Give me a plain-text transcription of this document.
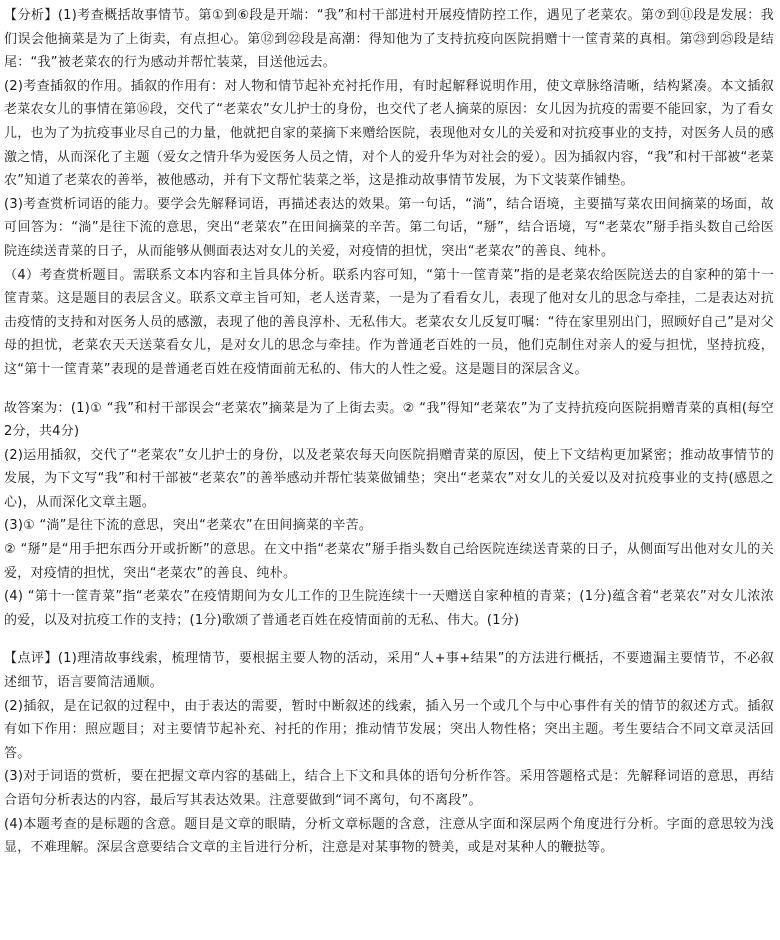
【分析】(1)考查概括故事情节。第①到⑥段是开端：“我”和村干部进村开展疫情防控工作，遇见了老菜农。第⑦到⑪段是发展：我们误会他摘菜是为了上街卖，有点担心。第⑫到㉒段是高潮：得知他为了支持抗疫向医院捐赠十一筐青菜的真相。第㉓到㉕段是结尾：“我”被老菜农的行为感动并帮忙装菜，目送他远去。

(2)考查插叙的作用。插叙的作用有：对人物和情节起补充衬托作用，有时起解释说明作用，使文章脉络清晰，结构紧凑。本文插叙老菜农女儿的事情在第⑯段，交代了“老菜农”女儿护士的身份，也交代了老人摘菜的原因：女儿因为抗疫的需要不能回家，为了看女儿，也为了为抗疫事业尽自己的力量，他就把自家的菜摘下来赠给医院，表现他对女儿的关爱和对抗疫事业的支持，对医务人员的感激之情，从而深化了主题（爱女之情升华为爱医务人员之情，对个人的爱升华为对社会的爱）。因为插叙内容，“我”和村干部被“老菜农”知道了老菜农的善举，被他感动，并有下文帮忙装菜之举，这是推动故事情节发展，为下文装菜作铺垫。

(3)考查赏析词语的能力。要学会先解释词语，再描述表达的效果。第一句话，“淌”，结合语境，主要描写菜农田间摘菜的场面，故可回答为：“淌”是往下流的意思，突出“老菜农”在田间摘菜的辛苦。第二句话，“掰”，结合语境，写“老菜农”掰手指头数自己给医院连续送青菜的日子，从而能够从侧面表达对女儿的关爱，对疫情的担忧，突出“老菜农”的善良、纯朴。

（4）考查赏析题目。需联系文本内容和主旨具体分析。联系内容可知，“第十一筐青菜”指的是老菜农给医院送去的自家种的第十一筐青菜。这是题目的表层含义。联系文章主旨可知，老人送青菜，一是为了看看女儿，表现了他对女儿的思念与牵挂，二是表达对抗击疫情的支持和对医务人员的感激，表现了他的善良淳朴、无私伟大。老菜农女儿反复叮嘱：“待在家里别出门，照顾好自己”是对父母的担忧，老菜农天天送菜看女儿，是对女儿的思念与牵挂。作为普通老百姓的一员，他们克制住对亲人的爱与担忧，坚持抗疫，这“第十一筐青菜”表现的是普通老百姓在疫情面前无私的、伟大的人性之爱。这是题目的深层含义。

故答案为：(1)① “我”和村干部误会“老菜农”摘菜是为了上街去卖。② “我”得知“老菜农”为了支持抗疫向医院捐赠青菜的真相(每空2分，共4分)

(2)运用插叙，交代了“老菜农”女儿护士的身份，以及老菜农每天向医院捐赠青菜的原因，使上下文结构更加紧密；推动故事情节的发展，为下文写“我”和村干部被“老菜农”的善举感动并帮忙装菜做铺垫；突出“老菜农”对女儿的关爱以及对抗疫事业的支持(感恩之心)，从而深化文章主题。

(3)① “淌”是往下流的意思，突出“老菜农”在田间摘菜的辛苦。

② “掰”是“用手把东西分开或折断”的意思。在文中指“老菜农”掰手指头数自己给医院连续送青菜的日子，从侧面写出他对女儿的关爱，对疫情的担忧，突出“老菜农”的善良、纯朴。

(4) “第十一筐青菜”指“老菜农”在疫情期间为女儿工作的卫生院连续十一天赠送自家种植的青菜；(1分)蕴含着“老菜农”对女儿浓浓的爱，以及对抗疫工作的支持；(1分)歌颂了普通老百姓在疫情面前的无私、伟大。(1分)

【点评】(1)理清故事线索，梳理情节，要根据主要人物的活动，采用“人+事+结果”的方法进行概括，不要遗漏主要情节，不必叙述细节，语言要简洁通顺。

(2)插叙，是在记叙的过程中，由于表达的需要，暂时中断叙述的线索，插入另一个或几个与中心事件有关的情节的叙述方式。插叙有如下作用：照应题目；对主要情节起补充、衬托的作用；推动情节发展；突出人物性格；突出主题。考生要结合不同文章灵活回答。

(3)对于词语的赏析，要在把握文章内容的基础上，结合上下文和具体的语句分析作答。采用答题格式是：先解释词语的意思，再结合语句分析表达的内容，最后写其表达效果。注意要做到“词不离句，句不离段”。

(4)本题考查的是标题的含意。题目是文章的眼睛，分析文章标题的含意，注意从字面和深层两个角度进行分析。字面的意思较为浅显，不难理解。深层含意要结合文章的主旨进行分析，注意是对某事物的赞美，或是对某种人的鞭挞等。
